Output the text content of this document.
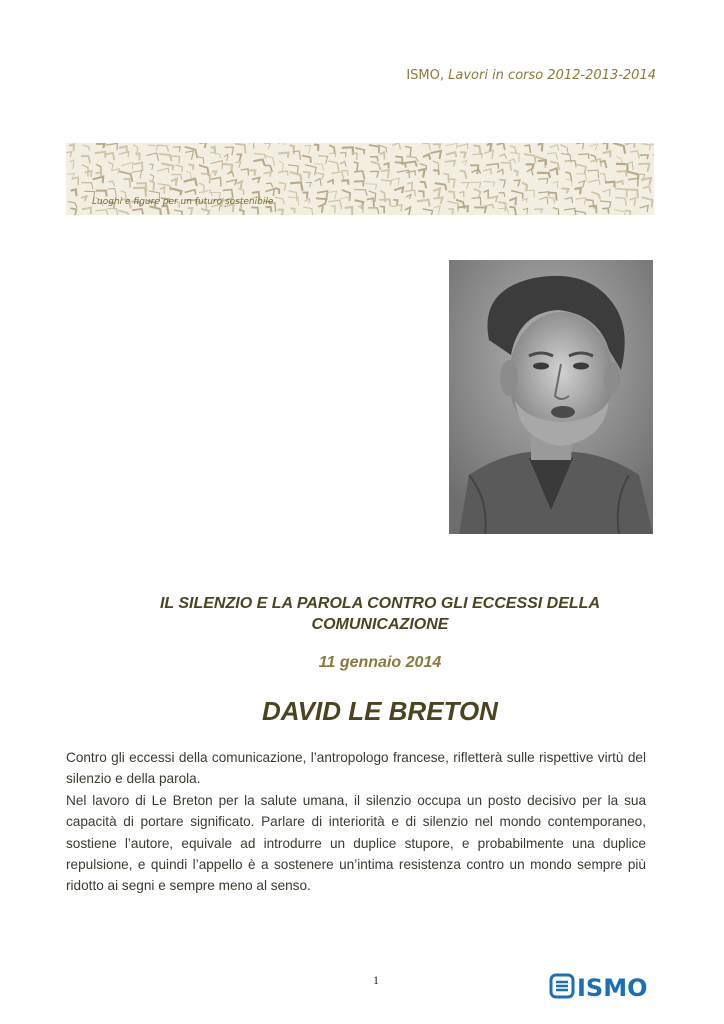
ISMO, Lavori in corso 2012-2013-2014
Luoghi e figure per un futuro sostenibile
IL SILENZIO E LA PAROLA CONTRO GLI ECCESSI DELLA
COMUNICAZIONE
11 gennaio 2014
DAVID LE BRETON

Contro gli eccessi della comunicazione, l’antropologo francese, rifletterà sulle rispettive virtù del silenzio e della parola.

Nel lavoro di Le Breton per la salute umana, il silenzio occupa un posto decisivo per la sua capacità di portare significato. Parlare di interiorità e di silenzio nel mondo contemporaneo, sostiene l’autore, equivale ad introdurre un duplice stupore, e probabilmente una duplice repulsione, e quindi l’appello è a sostenere un’intima resistenza contro un mondo sempre più ridotto ai segni e sempre meno al senso.

1	ISMO
